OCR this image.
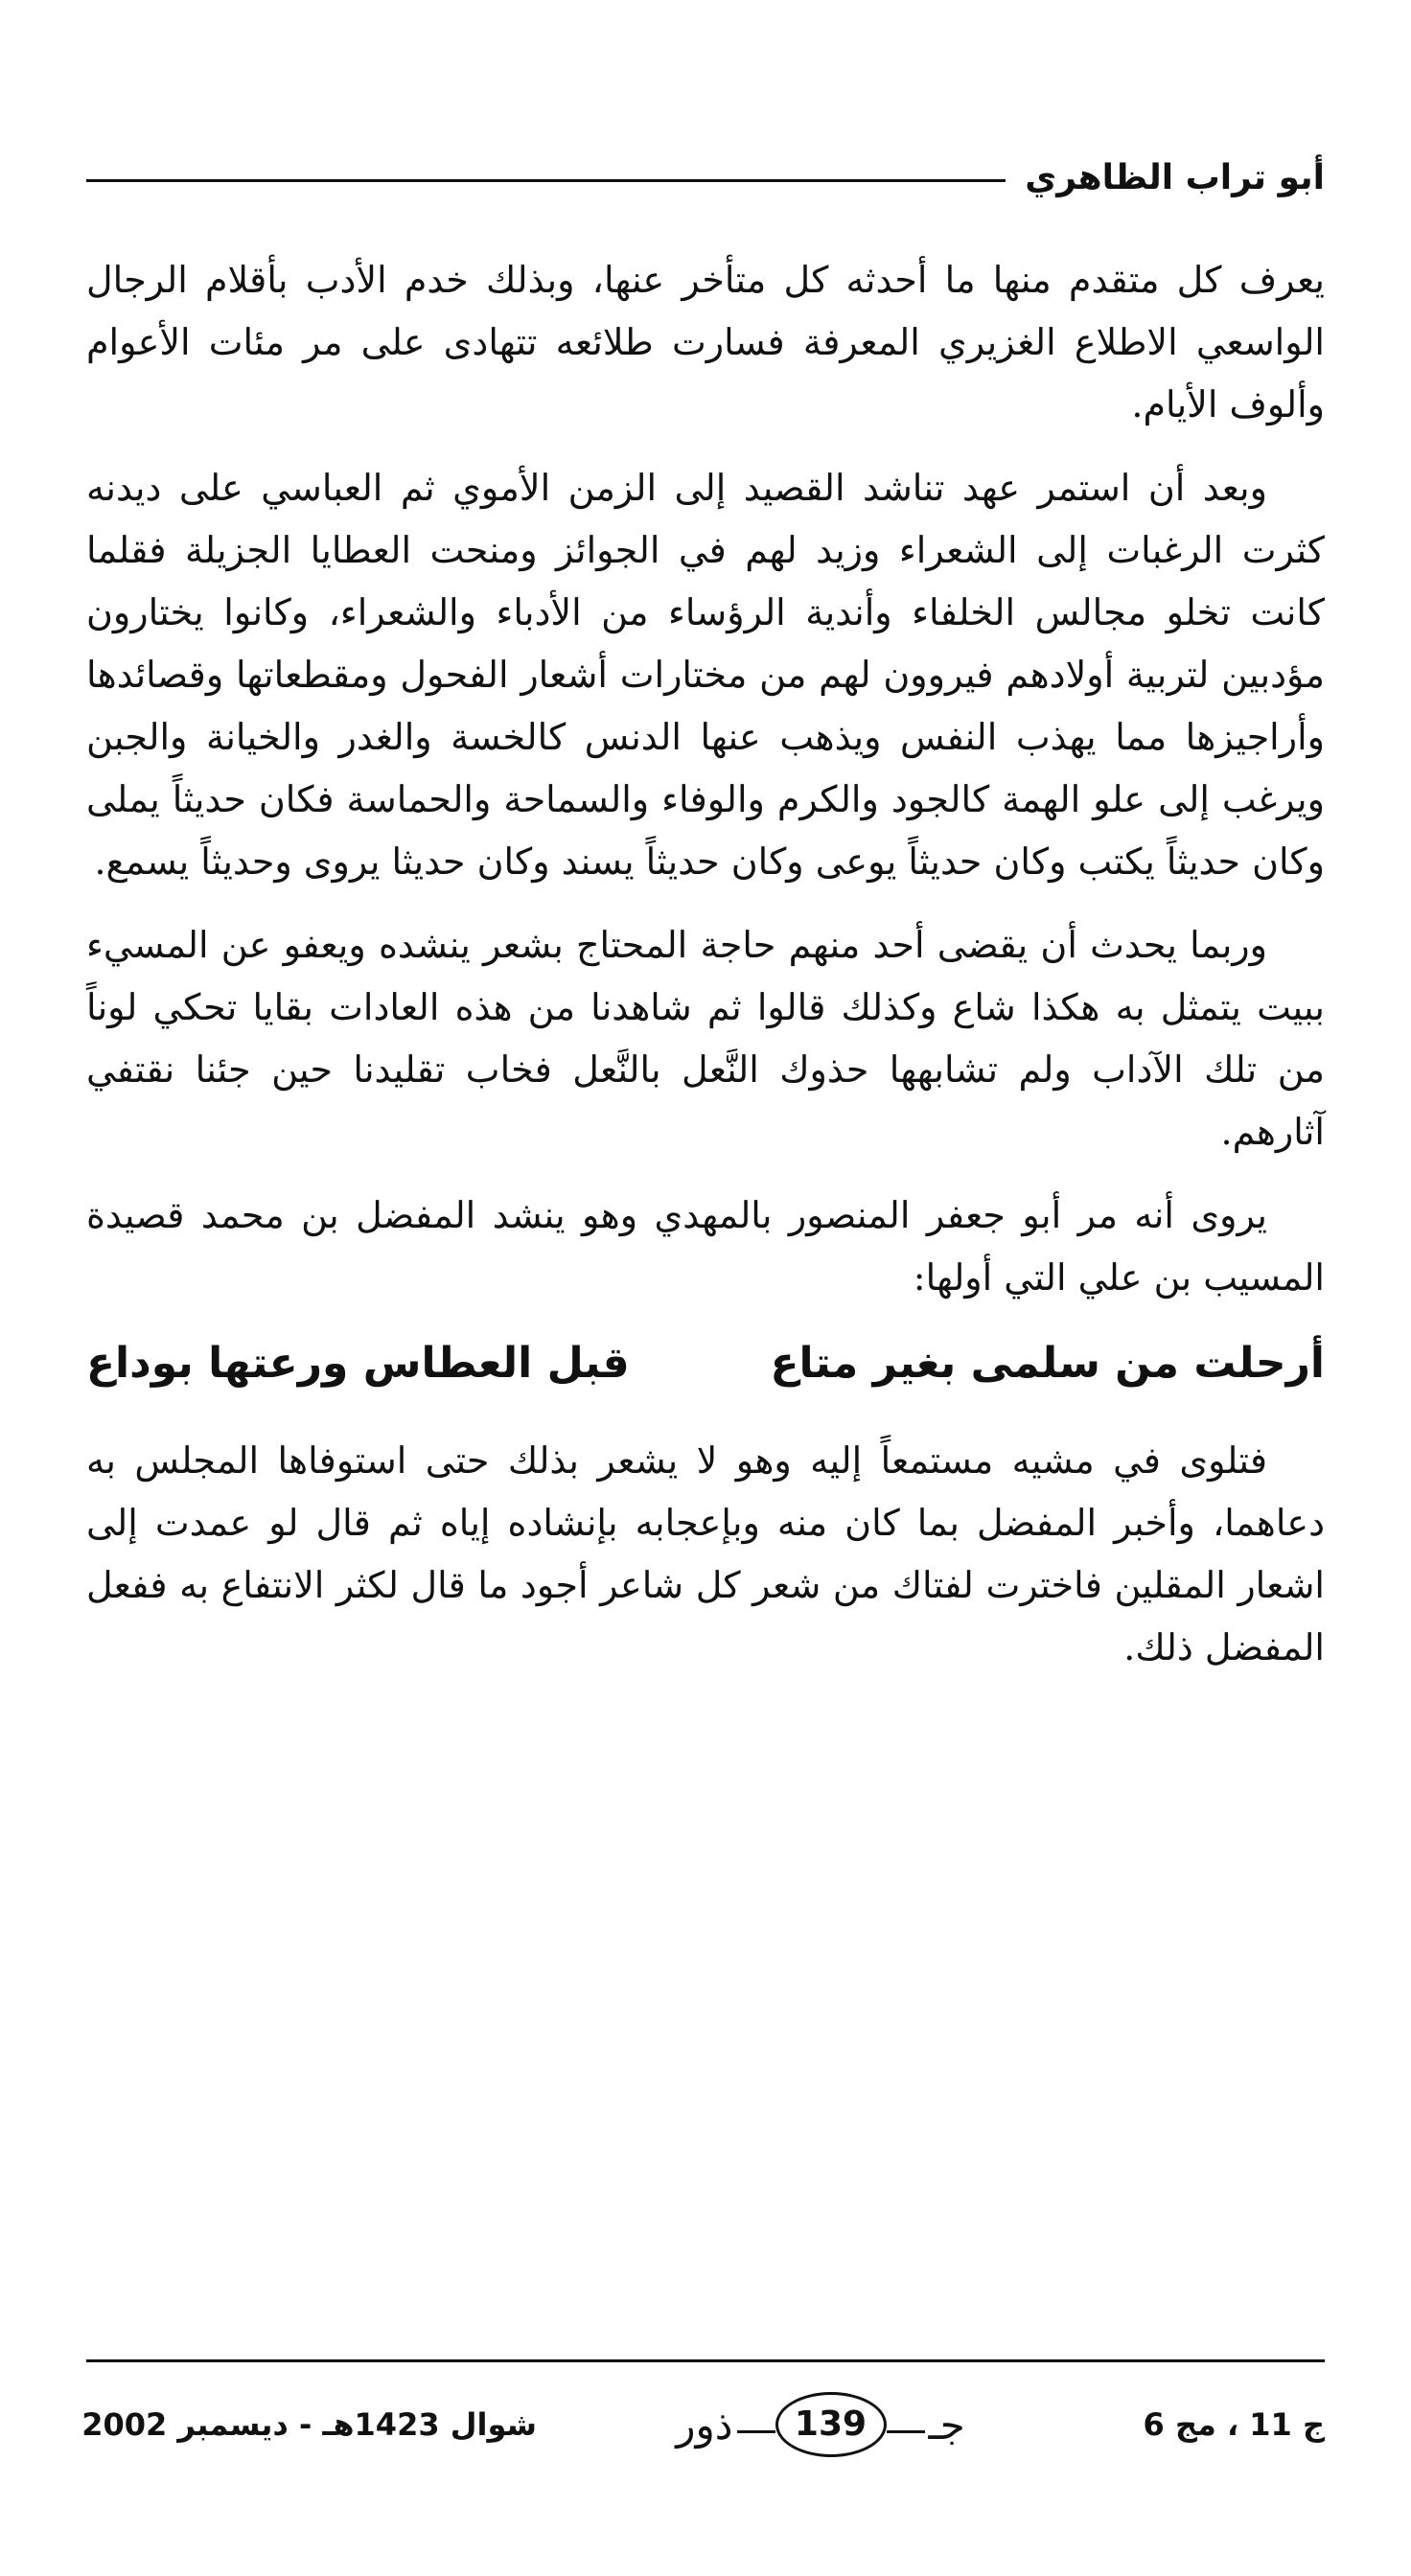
أبو تراب الظاهري

يعرف كل متقدم منها ما أحدثه كل متأخر عنها، وبذلك خدم الأدب بأقلام الرجال الواسعي الاطلاع الغزيري المعرفة فسارت طلائعه تتهادى على مر مئات الأعوام وألوف الأيام.

وبعد أن استمر عهد تناشد القصيد إلى الزمن الأموي ثم العباسي على ديدنه كثرت الرغبات إلى الشعراء وزيد لهم في الجوائز ومنحت العطايا الجزيلة فقلما كانت تخلو مجالس الخلفاء وأندية الرؤساء من الأدباء والشعراء، وكانوا يختارون مؤدبين لتربية أولادهم فيروون لهم من مختارات أشعار الفحول ومقطعاتها وقصائدها وأراجيزها مما يهذب النفس ويذهب عنها الدنس كالخسة والغدر والخيانة والجبن ويرغب إلى علو الهمة كالجود والكرم والوفاء والسماحة والحماسة فكان حديثاً يملى وكان حديثاً يكتب وكان حديثاً يوعى وكان حديثاً يسند وكان حديثا يروى وحديثاً يسمع.

وربما يحدث أن يقضى أحد منهم حاجة المحتاج بشعر ينشده ويعفو عن المسيء ببيت يتمثل به هكذا شاع وكذلك قالوا ثم شاهدنا من هذه العادات بقايا تحكي لوناً من تلك الآداب ولم تشابهها حذوك النَّعل بالنَّعل فخاب تقليدنا حين جئنا نقتفي آثارهم.

يروى أنه مر أبو جعفر المنصور بالمهدي وهو ينشد المفضل بن محمد قصيدة المسيب بن علي التي أولها:

أرحلت من سلمى بغير متاع
قبل العطاس ورعتها بوداع

فتلوى في مشيه مستمعاً إليه وهو لا يشعر بذلك حتى استوفاها المجلس به دعاهما، وأخبر المفضل بما كان منه وبإعجابه بإنشاده إياه ثم قال لو عمدت إلى اشعار المقلين فاخترت لفتاك من شعر كل شاعر أجود ما قال لكثر الانتفاع به ففعل المفضل ذلك.

ج 11 ، مج 6
جـ
139
ذور
شوال 1423هـ - ديسمبر 2002
